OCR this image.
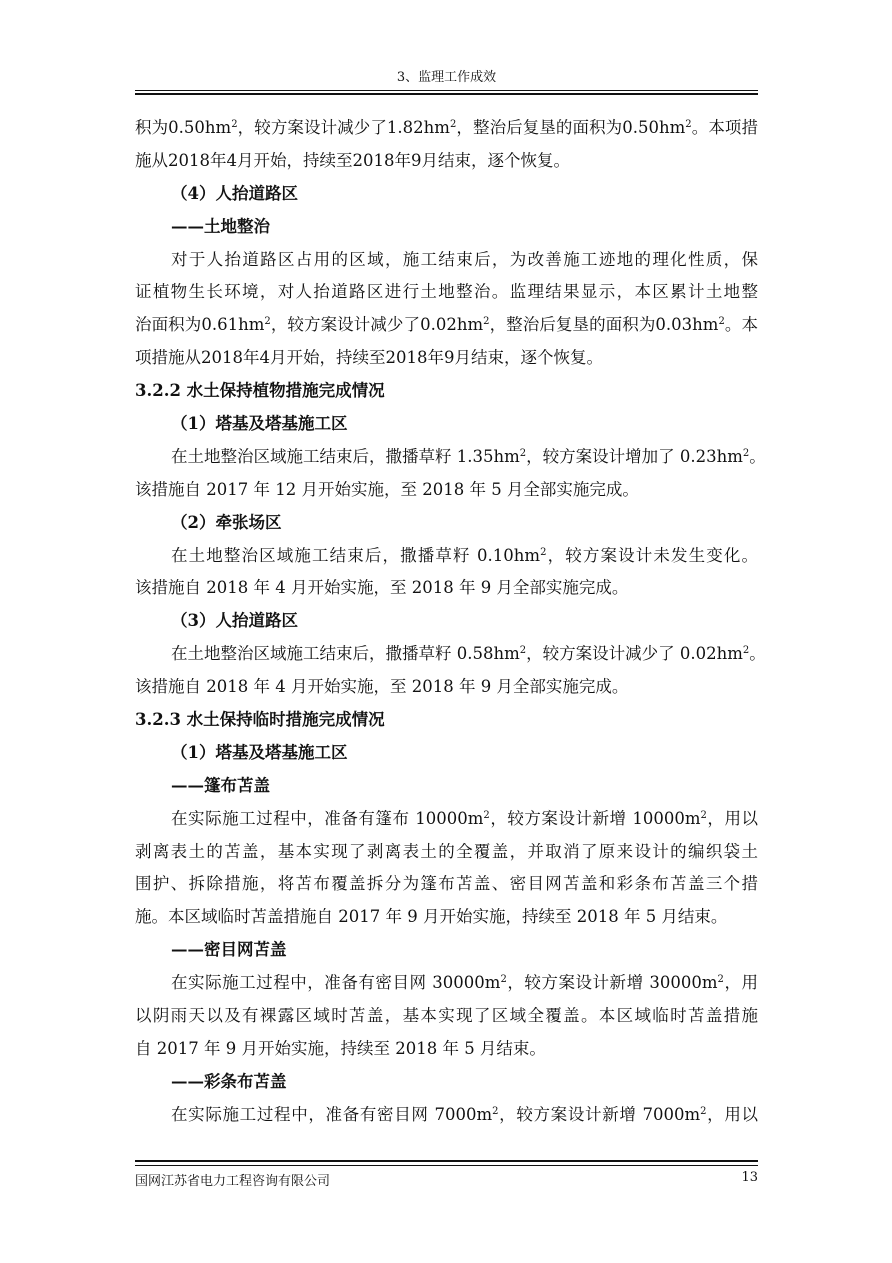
3、监理工作成效
积为$0.50hm^2$，较方案设计减少了$1.82hm^2$，整治后复垦的面积为$0.50hm^2$。本项措
施从2018年4月开始，持续至2018年9月结束，逐个恢复。
（4）人抬道路区
——土地整治
对于人抬道路区占用的区域，施工结束后，为改善施工迹地的理化性质，保
证植物生长环境，对人抬道路区进行土地整治。监理结果显示，本区累计土地整
治面积为$0.61hm^2$，较方案设计减少了$0.02hm^2$，整治后复垦的面积为$0.03hm^2$。本
项措施从2018年4月开始，持续至2018年9月结束，逐个恢复。
3.2.2 水土保持植物措施完成情况
（1）塔基及塔基施工区
在土地整治区域施工结束后，撒播草籽 $1.35hm^2$，较方案设计增加了 $0.23hm^2$。
该措施自 2017 年 12 月开始实施，至 2018 年 5 月全部实施完成。
（2）牵张场区
在土地整治区域施工结束后，撒播草籽 $0.10hm^2$，较方案设计未发生变化。
该措施自 2018 年 4 月开始实施，至 2018 年 9 月全部实施完成。
（3）人抬道路区
在土地整治区域施工结束后，撒播草籽 $0.58hm^2$，较方案设计减少了 $0.02hm^2$。
该措施自 2018 年 4 月开始实施，至 2018 年 9 月全部实施完成。
3.2.3 水土保持临时措施完成情况
（1）塔基及塔基施工区
——篷布苫盖
在实际施工过程中，准备有篷布 $10000m^2$，较方案设计新增 $10000m^2$，用以
剥离表土的苫盖，基本实现了剥离表土的全覆盖，并取消了原来设计的编织袋土
围护、拆除措施，将苫布覆盖拆分为篷布苫盖、密目网苫盖和彩条布苫盖三个措
施。本区域临时苫盖措施自 2017 年 9 月开始实施，持续至 2018 年 5 月结束。
——密目网苫盖
在实际施工过程中，准备有密目网 $30000m^2$，较方案设计新增 $30000m^2$，用
以阴雨天以及有裸露区域时苫盖，基本实现了区域全覆盖。本区域临时苫盖措施
自 2017 年 9 月开始实施，持续至 2018 年 5 月结束。
——彩条布苫盖
在实际施工过程中，准备有密目网 $7000m^2$，较方案设计新增 $7000m^2$，用以
国网江苏省电力工程咨询有限公司	13
